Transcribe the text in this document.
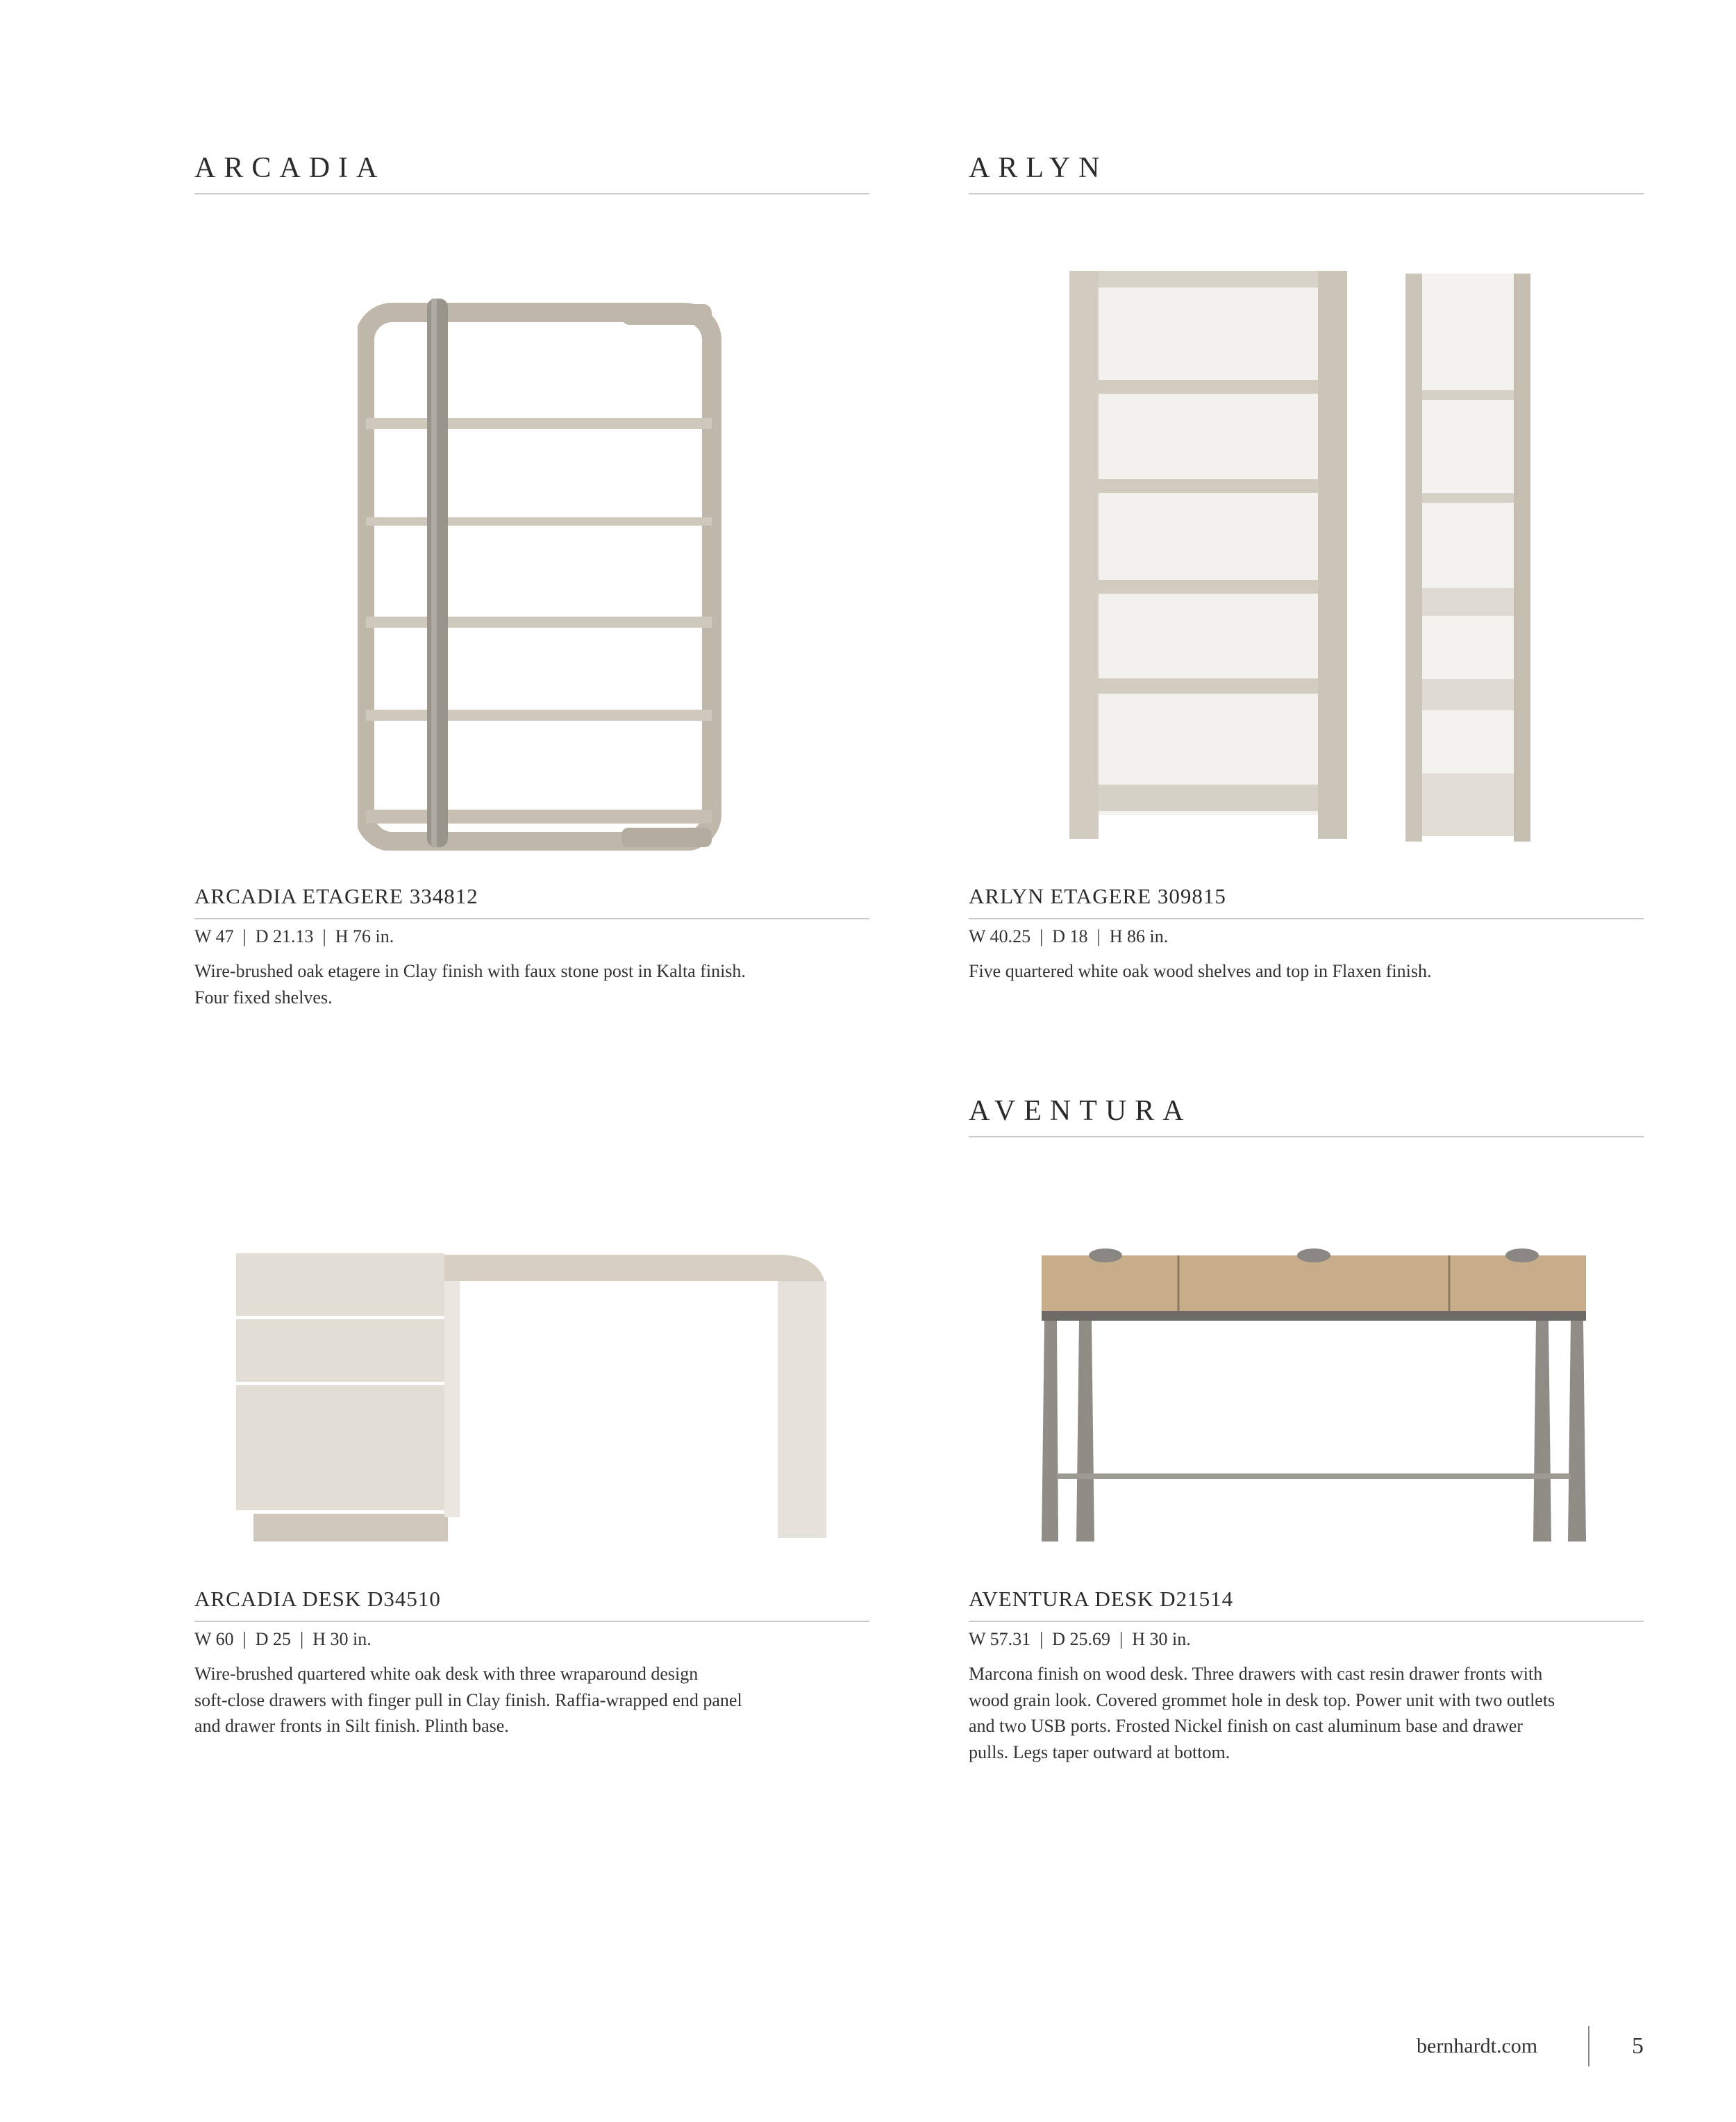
ARCADIA	ARLYN
ARCADIA ETAGERE 334812
W 47  |  D 21.13  |  H 76 in.
Wire-brushed oak etagere in Clay finish with faux stone post in Kalta finish.
Four fixed shelves.
ARLYN ETAGERE 309815
W 40.25  |  D 18  |  H 86 in.
Five quartered white oak wood shelves and top in Flaxen finish.
AVENTURA
ARCADIA DESK D34510
W 60  |  D 25  |  H 30 in.
Wire-brushed quartered white oak desk with three wraparound design
soft-close drawers with finger pull in Clay finish. Raffia-wrapped end panel
and drawer fronts in Silt finish. Plinth base.
AVENTURA DESK D21514
W 57.31  |  D 25.69  |  H 30 in.
Marcona finish on wood desk. Three drawers with cast resin drawer fronts with
wood grain look. Covered grommet hole in desk top. Power unit with two outlets
and two USB ports. Frosted Nickel finish on cast aluminum base and drawer
pulls. Legs taper outward at bottom.
bernhardt.com	5
